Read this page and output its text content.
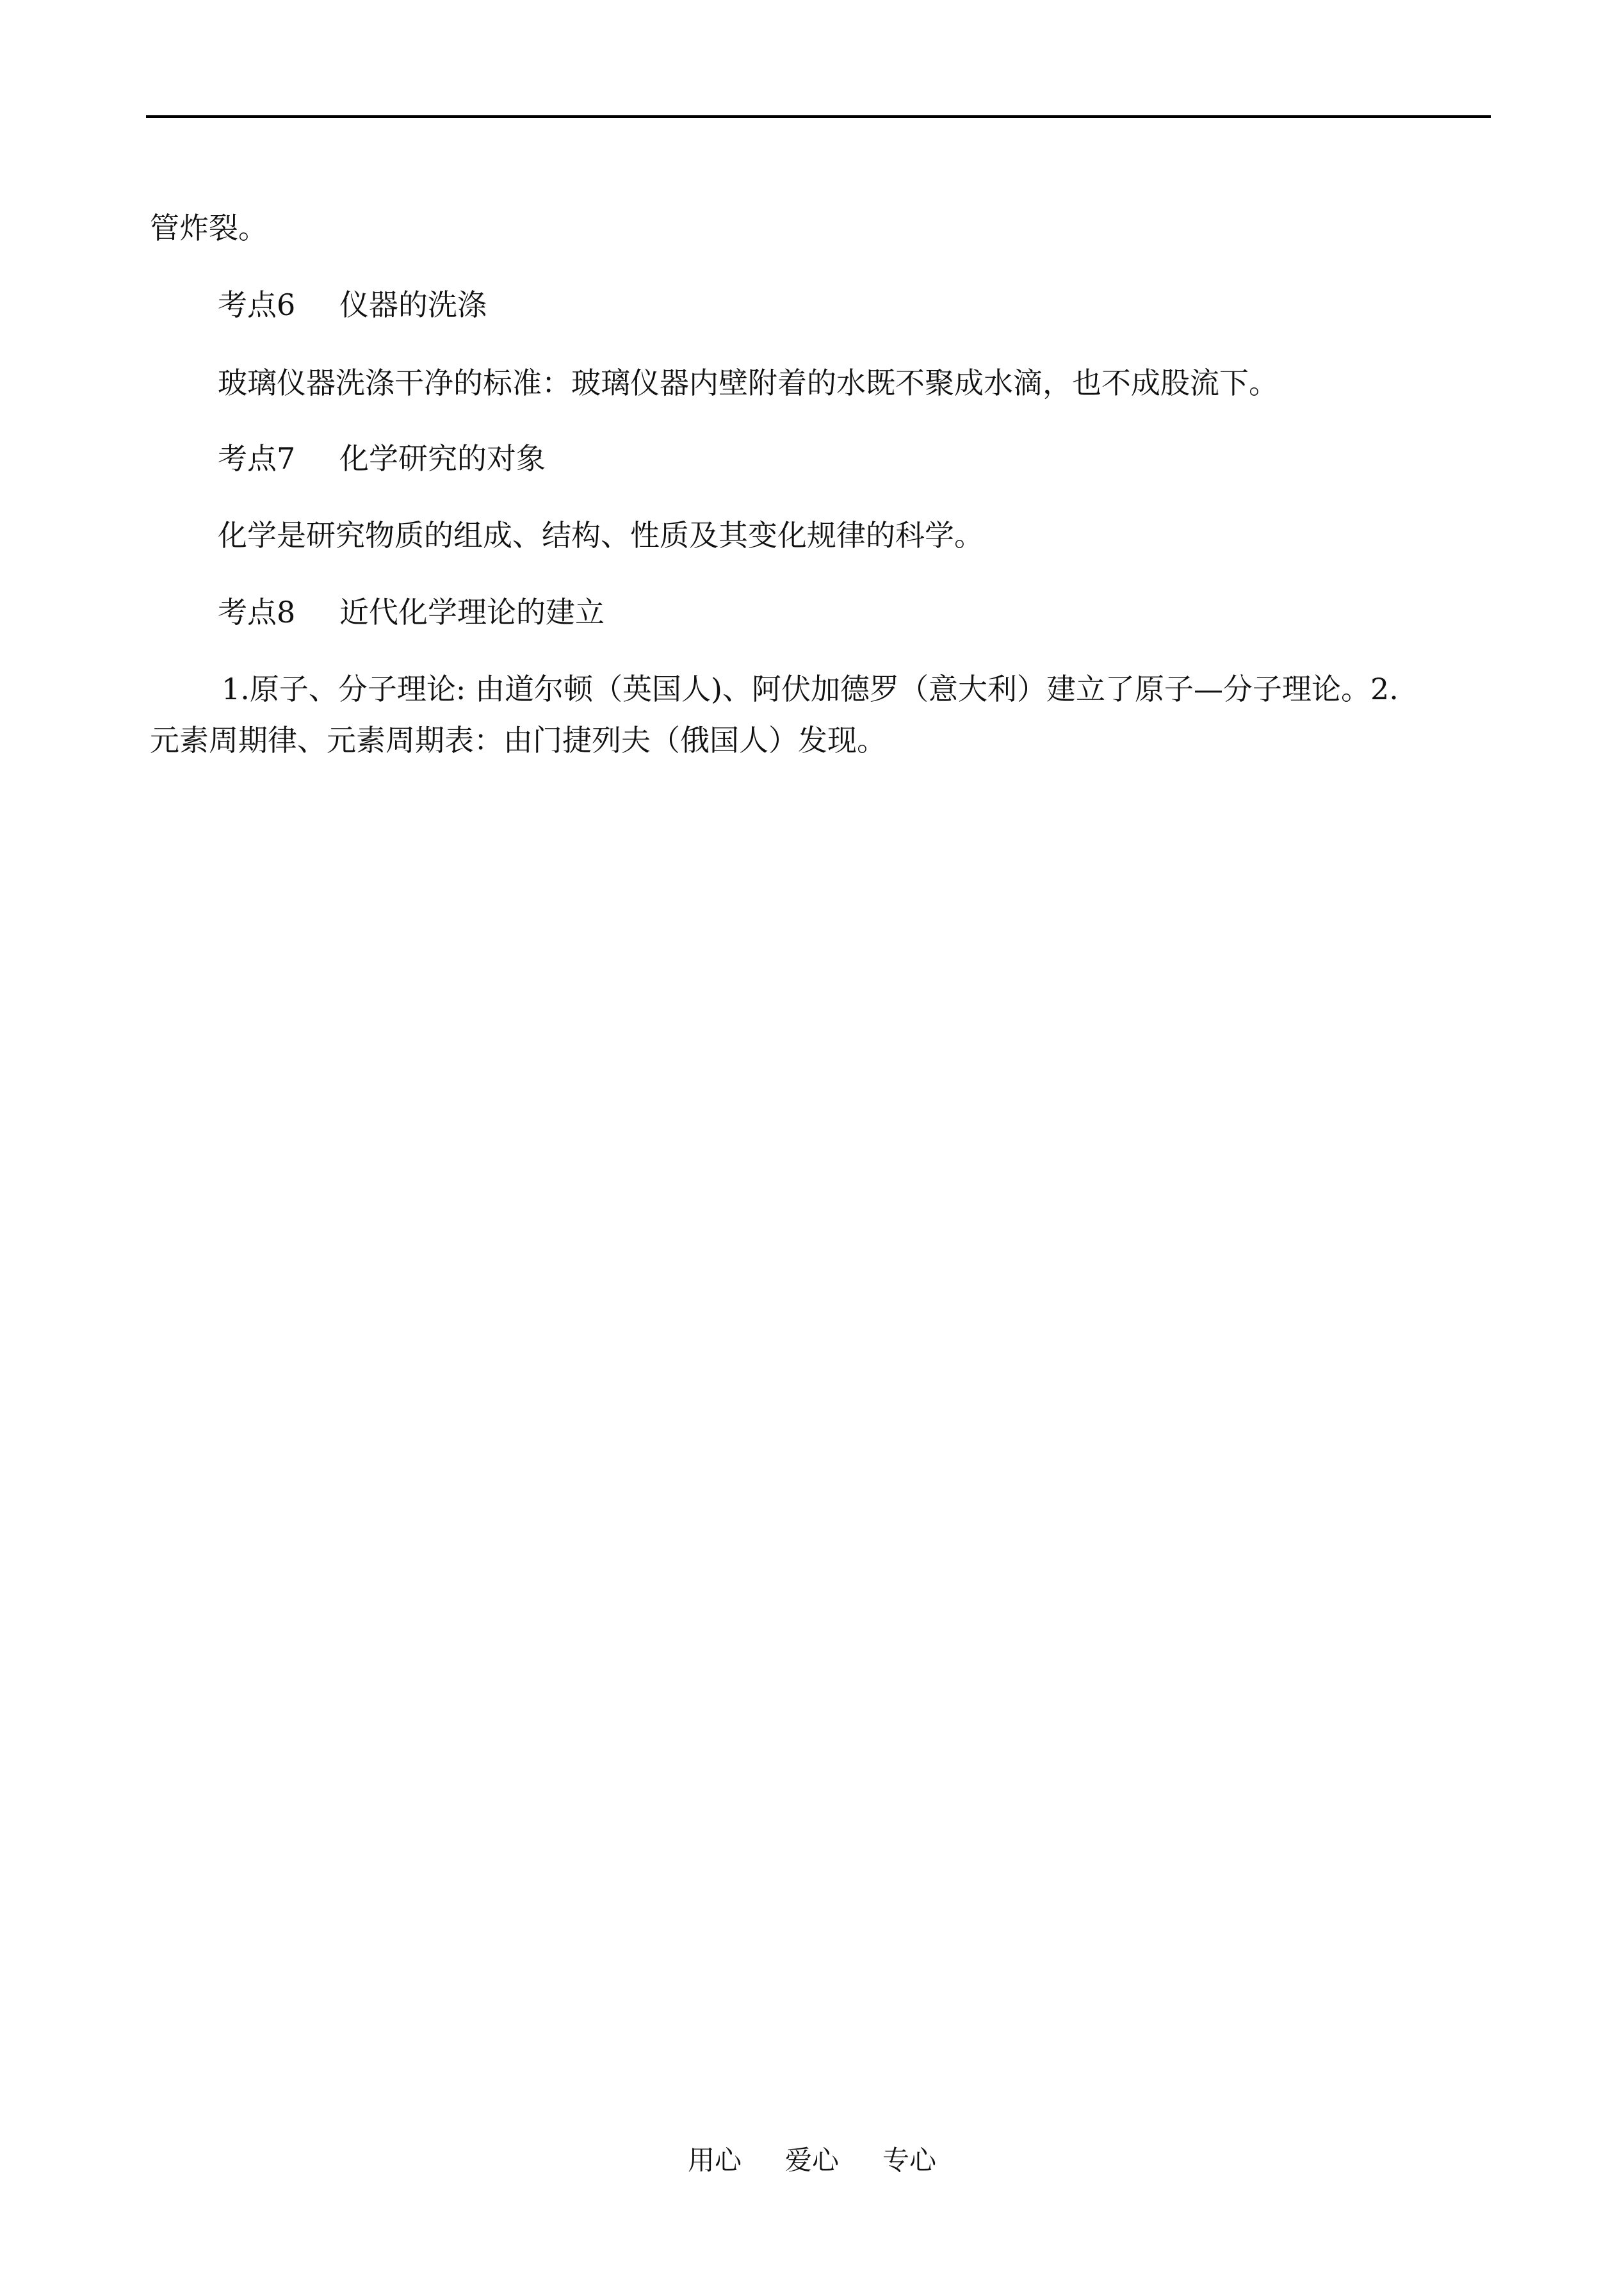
管炸裂。
考点6 仪器的洗涤
玻璃仪器洗涤干净的标准：玻璃仪器内壁附着的水既不聚成水滴，也不成股流下。
考点7 化学研究的对象
化学是研究物质的组成、结构、性质及其变化规律的科学。
考点8 近代化学理论的建立
1.原子、分子理论: 由道尔顿（英国人)、阿伏加德罗（意大利）建立了原子—分子理论。2.
元素周期律、元素周期表：由门捷列夫（俄国人）发现。
用心 爱心 专心
